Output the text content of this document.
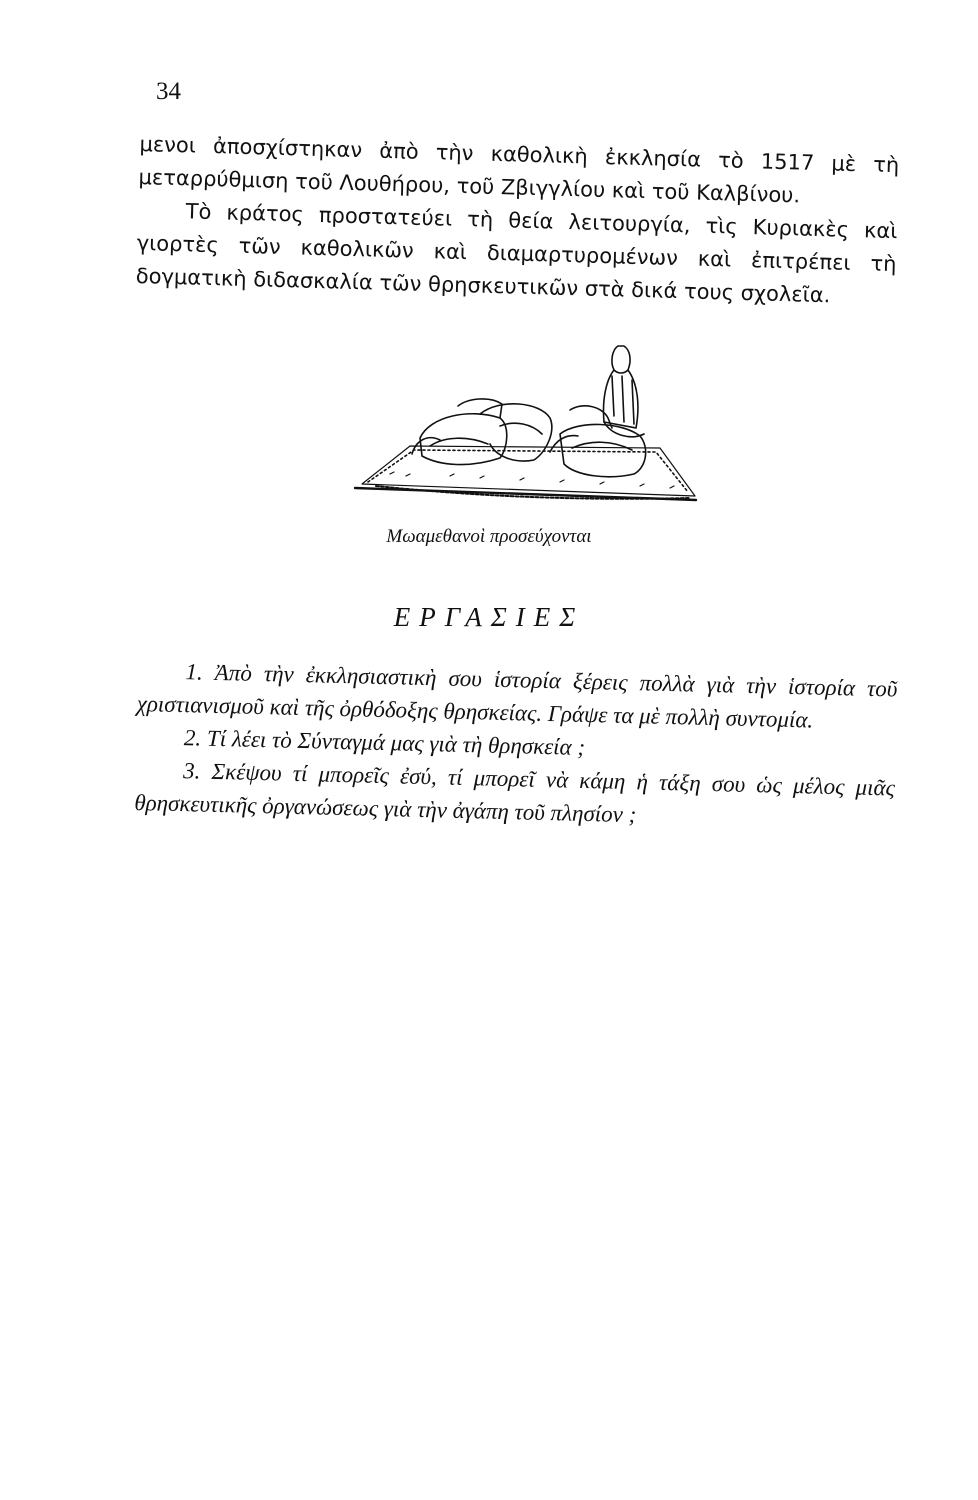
34

μενοι ἀποσχίστηκαν ἀπὸ τὴν καθολικὴ ἐκκλησία τὸ 1517 μὲ τὴ μεταρρύθμιση τοῦ Λουθήρου, τοῦ Ζβιγγλίου καὶ τοῦ Καλβίνου.

Τὸ κράτος προστατεύει τὴ θεία λειτουργία, τὶς Κυριακὲς καὶ γιορτὲς τῶν καθολικῶν καὶ διαμαρτυρομένων καὶ ἐπιτρέπει τὴ δογματικὴ διδασκαλία τῶν θρησκευτικῶν στὰ δικά τους σχολεῖα.

Μωαμεθανοὶ προσεύχονται
ΕΡΓΑΣΙΕΣ

1. Ἀπὸ τὴν ἐκκλησιαστικὴ σου ἱστορία ξέρεις πολλὰ γιὰ τὴν ἱστορία τοῦ χριστιανισμοῦ καὶ τῆς ὀρθόδοξης θρησκείας. Γράψε τα μὲ πολλὴ συντομία.

2. Τί λέει τὸ Σύνταγμά μας γιὰ τὴ θρησκεία ;

3. Σκέψου τί μπορεῖς ἐσύ, τί μπορεῖ νὰ κάμη ἡ τάξη σου ὡς μέλος μιᾶς θρησκευτικῆς ὀργανώσεως γιὰ τὴν ἀγάπη τοῦ πλησίον ;
